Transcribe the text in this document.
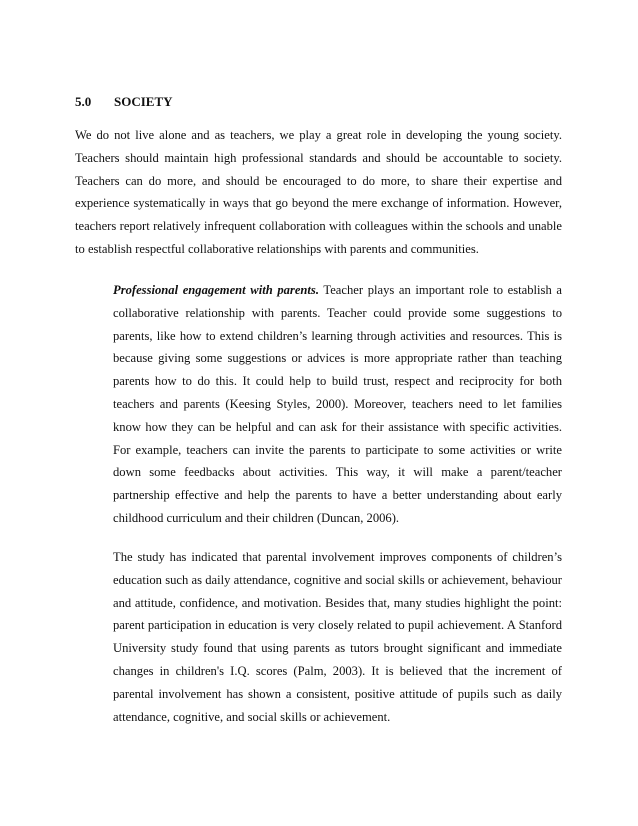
5.0 SOCIETY

We do not live alone and as teachers, we play a great role in developing the young society. Teachers should maintain high professional standards and should be accountable to society. Teachers can do more, and should be encouraged to do more, to share their expertise and experience systematically in ways that go beyond the mere exchange of information. However, teachers report relatively infrequent collaboration with colleagues within the schools and unable to establish respectful collaborative relationships with parents and communities.

Professional engagement with parents. Teacher plays an important role to establish a collaborative relationship with parents. Teacher could provide some suggestions to parents, like how to extend children’s learning through activities and resources. This is because giving some suggestions or advices is more appropriate rather than teaching parents how to do this. It could help to build trust, respect and reciprocity for both teachers and parents (Keesing Styles, 2000). Moreover, teachers need to let families know how they can be helpful and can ask for their assistance with specific activities. For example, teachers can invite the parents to participate to some activities or write down some feedbacks about activities. This way, it will make a parent/teacher partnership effective and help the parents to have a better understanding about early childhood curriculum and their children (Duncan, 2006).

The study has indicated that parental involvement improves components of children’s education such as daily attendance, cognitive and social skills or achievement, behaviour and attitude, confidence, and motivation. Besides that, many studies highlight the point: parent participation in education is very closely related to pupil achievement. A Stanford University study found that using parents as tutors brought significant and immediate changes in children's I.Q. scores (Palm, 2003). It is believed that the increment of parental involvement has shown a consistent, positive attitude of pupils such as daily attendance, cognitive, and social skills or achievement.
